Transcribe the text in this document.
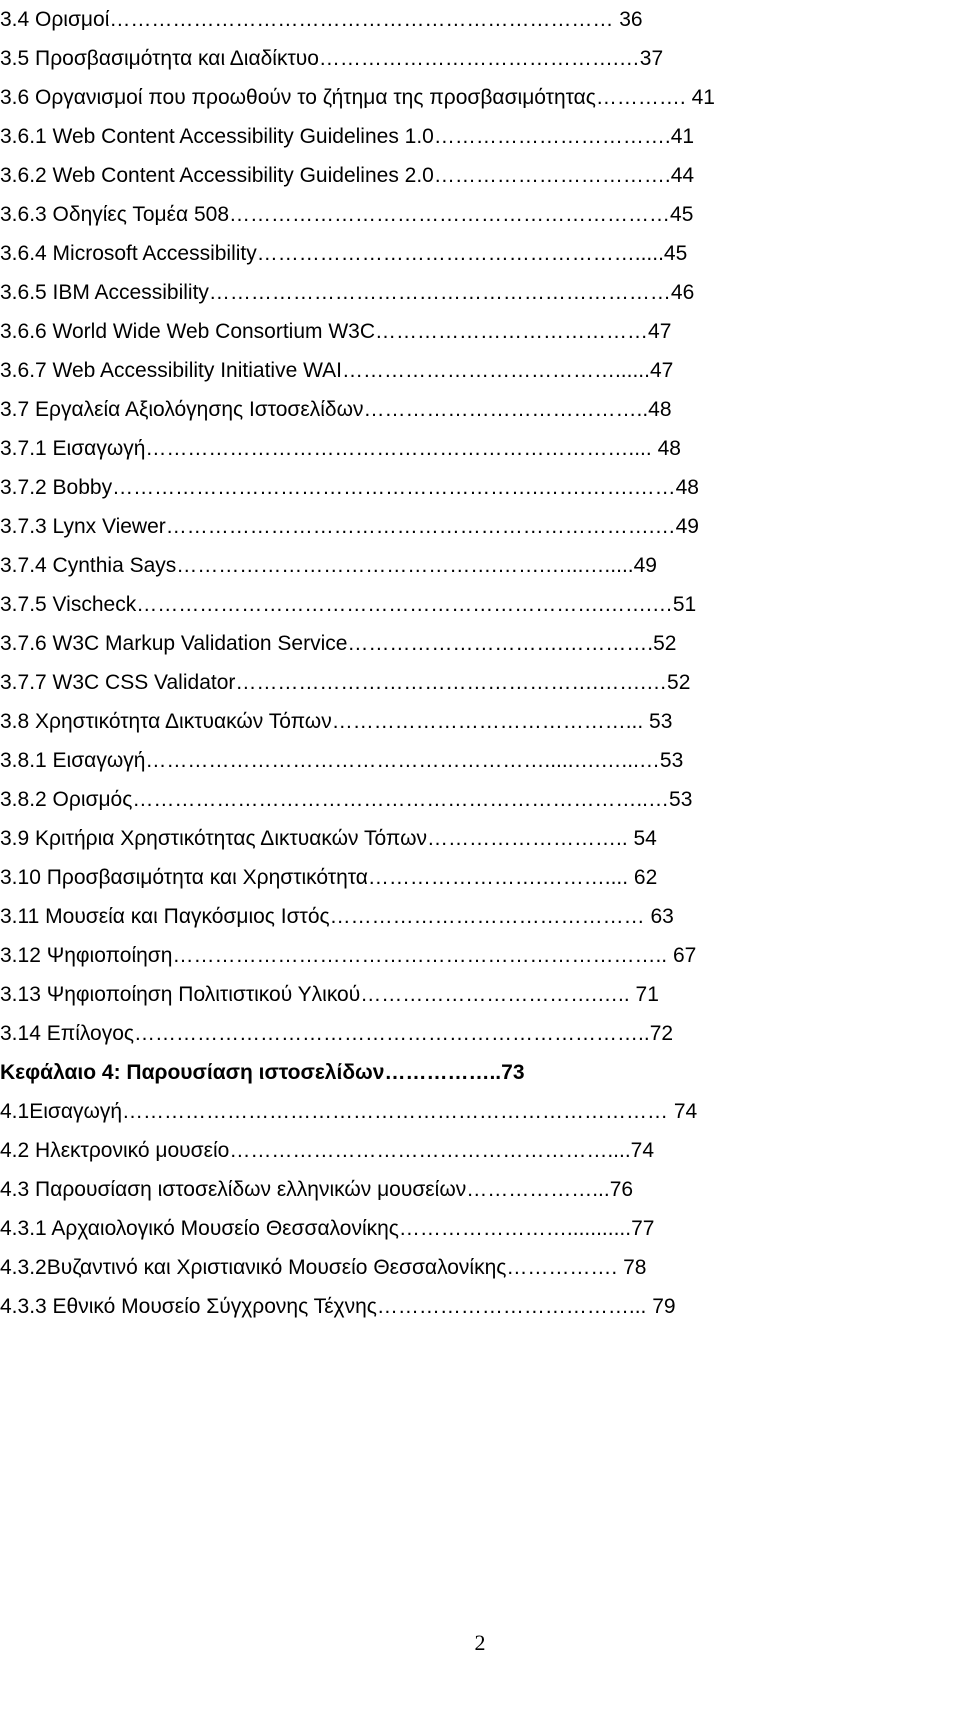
3.4 Ορισμοί……………………………………………………………… 36
3.5 Προσβασιμότητα και Διαδίκτυο…………………………………….…37
3.6 Οργανισμοί που προωθούν το ζήτημα της προσβασιμότητας…………. 41
3.6.1 Web Content Accessibility Guidelines 1.0…………………………….41
3.6.2 Web Content Accessibility Guidelines 2.0…………………………….44
3.6.3 Οδηγίες Τομέα 508………………………………………………………45
3.6.4 Microsoft Accessibility……………………………………………….....45
3.6.5 IBM Accessibility…………………………………………………………46
3.6.6 World Wide Web Consortium W3C…………………………………47
3.6.7 Web Accessibility Initiative WAI…………………………………......47
3.7 Εργαλεία Αξιολόγησης Ιστοσελίδων…………………………………..48
3.7.1 Εισαγωγή…………………………………………………………….... 48
3.7.2 Bobby…………………………………………………….…….…….……48
3.7.3 Lynx Viewer…………………………………………………………….…49
3.7.4 Cynthia Says……………………………………….…….…...….....49
3.7.5 Vischeck………………………………………………………….…….…51
3.7.6 W3C Markup Validation Service………………………….………….52
3.7.7 W3C CSS Validator…………………………………………….…….…52
3.8 Χρηστικότητα Δικτυακών Τόπων……………………………………... 53
3.8.1 Εισαγωγή………………………………………………….....….…...…53
3.8.2 Ορισμός………………………………………………………………..…53
3.9 Κριτήρια Χρηστικότητας Δικτυακών Τόπων……………………….. 54
3.10 Προσβασιμότητα και Χρηστικότητα…………………….……….... 62
3.11 Μουσεία και Παγκόσμιος Ιστός……………………………………… 63
3.12 Ψηφιοποίηση…………………………………………………………….. 67
3.13 Ψηφιοποίηση Πολιτιστικού Υλικού…………………………….….. 71
3.14 Επίλογος………………………………………………………………..72
Κεφάλαιο 4: Παρουσίαση ιστοσελίδων……………..73
4.1Εισαγωγή…………………………………………………………………… 74
4.2 Ηλεκτρονικό μουσείο………………………………………………....74
4.3 Παρουσίαση ιστοσελίδων ελληνικών μουσείων………………...76
4.3.1 Αρχαιολογικό Μουσείο Θεσσαλονίκης……………………...........77
4.3.2Βυζαντινό και Χριστιανικό Μουσείο Θεσσαλονίκης……………. 78
4.3.3 Εθνικό Μουσείο Σύγχρονης Τέχνης………………………………... 79
2
